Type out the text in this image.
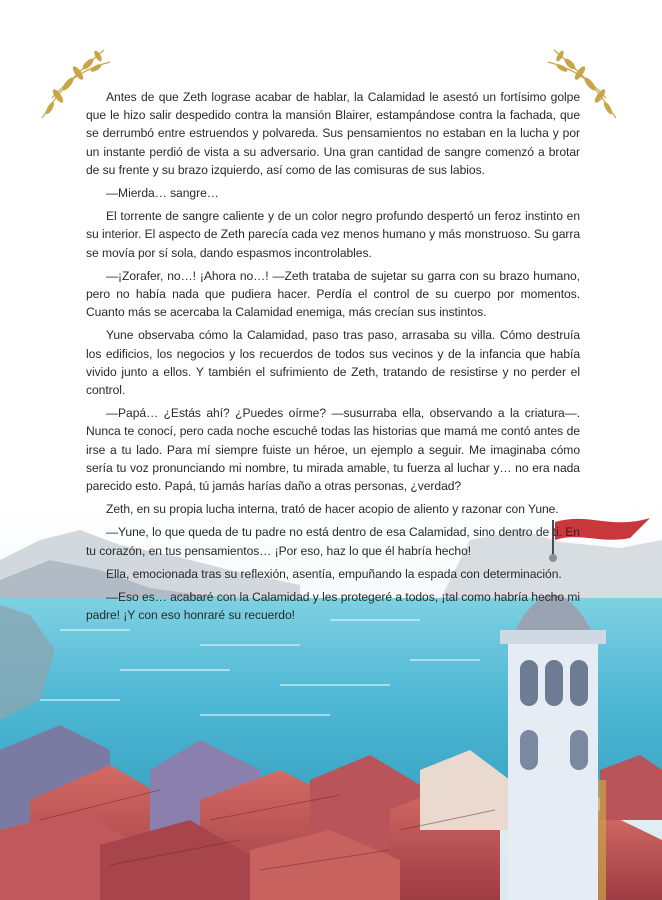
Antes de que Zeth lograse acabar de hablar, la Calamidad le asestó un fortísimo golpe que le hizo salir despedido contra la mansión Blairer, estampándose contra la fachada, que se derrumbó entre estruendos y polvareda. Sus pensamientos no estaban en la lucha y por un instante perdió de vista a su adversario. Una gran cantidad de sangre comenzó a brotar de su frente y su brazo izquierdo, así como de las comisuras de sus labios.

—Mierda… sangre…

El torrente de sangre caliente y de un color negro profundo despertó un feroz instinto en su interior. El aspecto de Zeth parecía cada vez menos humano y más monstruoso. Su garra se movía por sí sola, dando espasmos incontrolables.

—¡Zorafer, no…! ¡Ahora no…! —Zeth trataba de sujetar su garra con su brazo humano, pero no había nada que pudiera hacer. Perdía el control de su cuerpo por momentos. Cuanto más se acercaba la Calamidad enemiga, más crecían sus instintos.

Yune observaba cómo la Calamidad, paso tras paso, arrasaba su villa. Cómo destruía los edificios, los negocios y los recuerdos de todos sus vecinos y de la infancia que había vivido junto a ellos. Y también el sufrimiento de Zeth, tratando de resistirse y no perder el control.

—Papá… ¿Estás ahí? ¿Puedes oírme? —susurraba ella, observando a la criatura—. Nunca te conocí, pero cada noche escuché todas las historias que mamá me contó antes de irse a tu lado. Para mí siempre fuiste un héroe, un ejemplo a seguir. Me imaginaba cómo sería tu voz pronunciando mi nombre, tu mirada amable, tu fuerza al luchar y… no era nada parecido esto. Papá, tú jamás harías daño a otras personas, ¿verdad?

Zeth, en su propia lucha interna, trató de hacer acopio de aliento y razonar con Yune.

—Yune, lo que queda de tu padre no está dentro de esa Calamidad, sino dentro de ti. En tu corazón, en tus pensamientos… ¡Por eso, haz lo que él habría hecho!

Ella, emocionada tras su reflexión, asentía, empuñando la espada con determinación.

—Eso es… acabaré con la Calamidad y les protegeré a todos, ¡tal como habría hecho mi padre! ¡Y con eso honraré su recuerdo!
